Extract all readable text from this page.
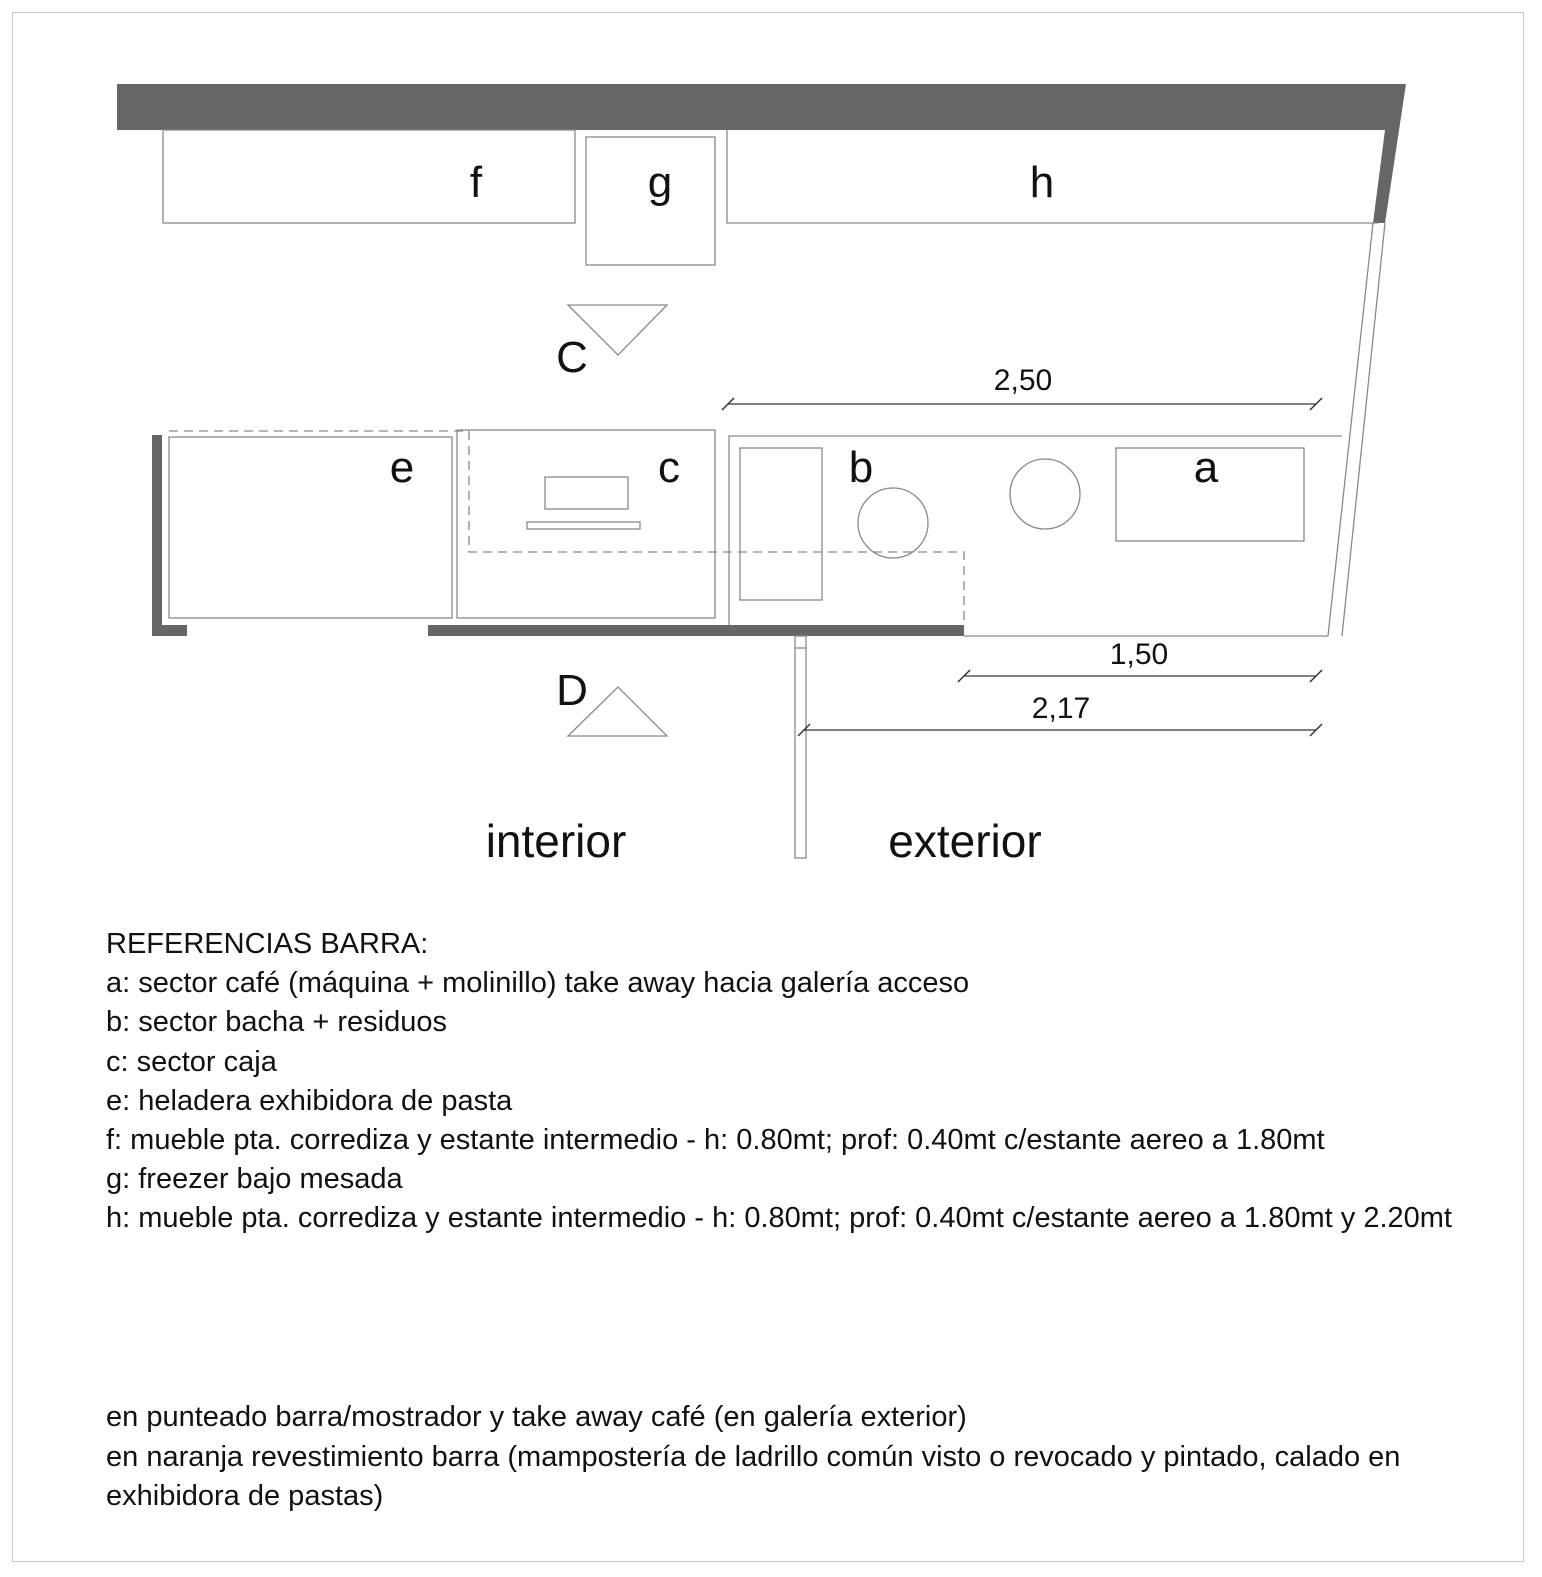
f	g	h
C
e	c	b	a
D
2,50
1,50
2,17
interior	exterior
REFERENCIAS BARRA:
a: sector café (máquina + molinillo) take away hacia galería acceso
b: sector bacha + residuos
c: sector caja
e: heladera exhibidora de pasta
f: mueble pta. corrediza y estante intermedio - h: 0.80mt; prof: 0.40mt c/estante aereo a 1.80mt
g: freezer bajo mesada
h: mueble pta. corrediza y estante intermedio - h: 0.80mt; prof: 0.40mt c/estante aereo a 1.80mt y 2.20mt
en punteado barra/mostrador y take away café (en galería exterior)
en naranja revestimiento barra (mampostería de ladrillo común visto o revocado y pintado, calado en exhibidora de pastas)
